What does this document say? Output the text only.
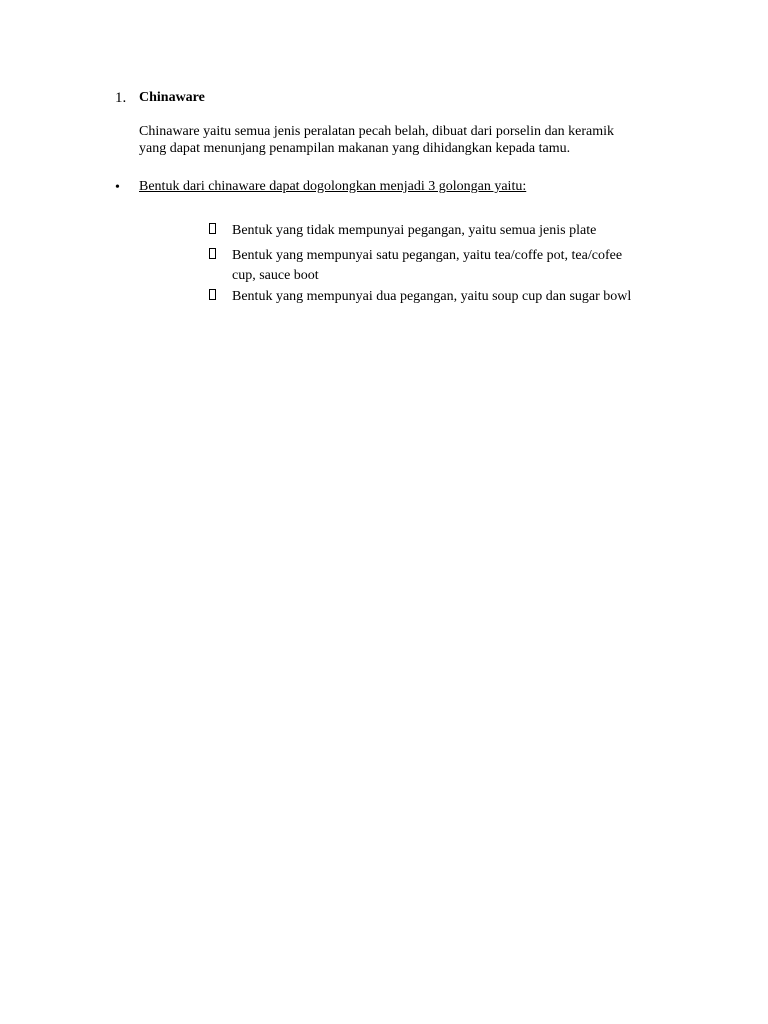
1. Chinaware
Chinaware yaitu semua jenis peralatan pecah belah, dibuat dari porselin dan keramik
yang dapat menunjang penampilan makanan yang dihidangkan kepada tamu.
• Bentuk dari chinaware dapat dogolongkan menjadi 3 golongan yaitu:
Bentuk yang tidak mempunyai pegangan, yaitu semua jenis plate
Bentuk yang mempunyai satu pegangan, yaitu tea/coffe pot, tea/cofee
cup, sauce boot
Bentuk yang mempunyai dua pegangan, yaitu soup cup dan sugar bowl
